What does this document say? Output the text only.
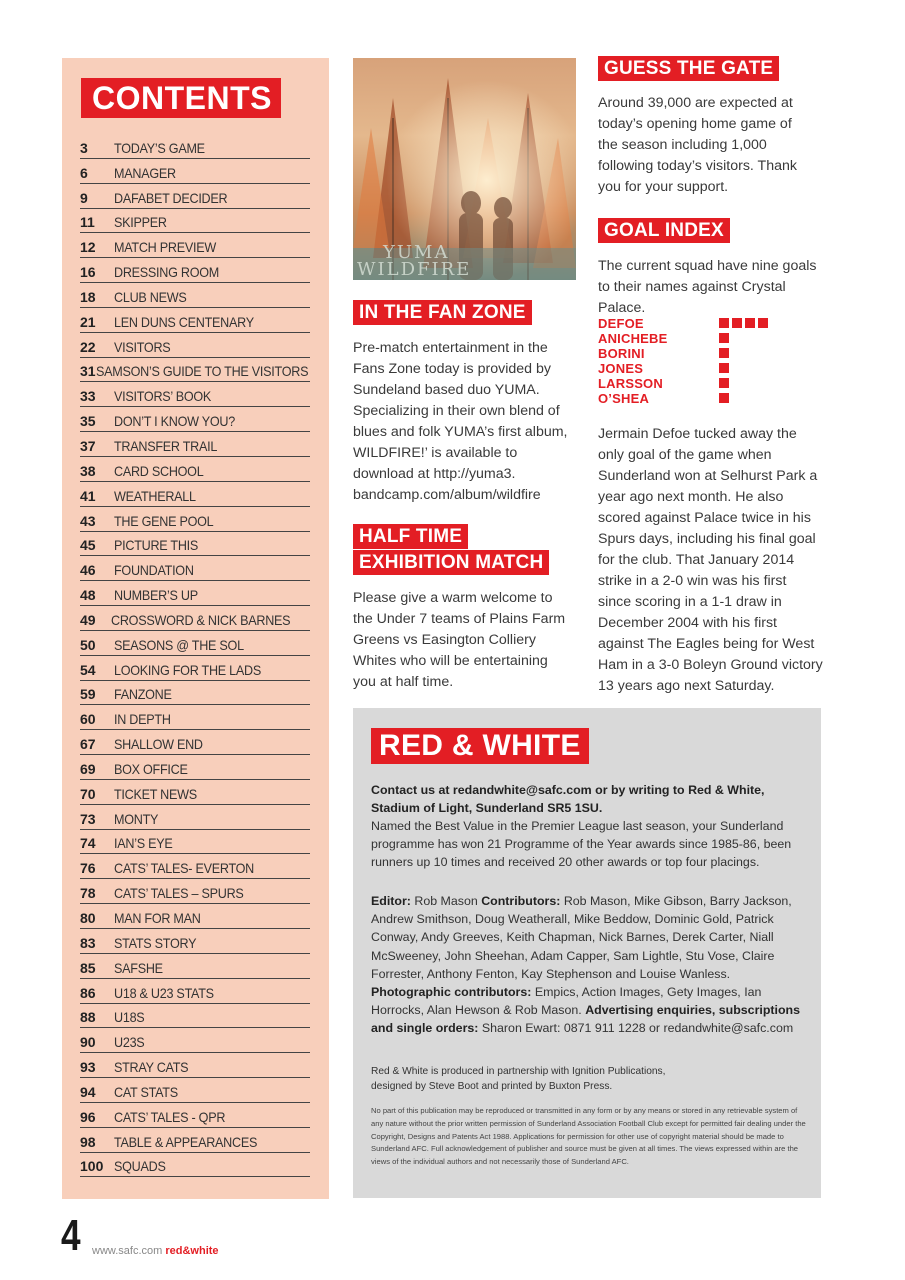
CONTENTS
3	TODAY’S GAME
6	MANAGER
9	DAFABET DECIDER
11	SKIPPER
12	MATCH PREVIEW
16	DRESSING ROOM
18	CLUB NEWS
21	LEN DUNS CENTENARY
22	VISITORS
31 SAMSON’S GUIDE TO THE VISITORS
33	VISITORS’ BOOK
35	DON’T I KNOW YOU?
37	TRANSFER TRAIL
38	CARD SCHOOL
41	WEATHERALL
43	THE GENE POOL
45	PICTURE THIS
46	FOUNDATION
48	NUMBER’S UP
49	CROSSWORD & NICK BARNES
50	SEASONS @ THE SOL
54	LOOKING FOR THE LADS
59	FANZONE
60	IN DEPTH
67	SHALLOW END
69	BOX OFFICE
70	TICKET NEWS
73	MONTY
74	IAN’S EYE
76	CATS’ TALES- EVERTON
78	CATS’ TALES – SPURS
80	MAN FOR MAN
83	STATS STORY
85	SAFSHE
86	U18 & U23 STATS
88	U18S
90	U23S
93	STRAY CATS
94	CAT STATS
96	CATS’ TALES - QPR
98	TABLE & APPEARANCES
100 SQUADS
YUMA
WILDFIRE
IN THE FAN ZONE

Pre-match entertainment in the Fans Zone today is provided by Sundeland based duo YUMA. Specializing in their own blend of blues and folk YUMA’s first album, WILDFIRE!’ is available to download at http://yuma3. bandcamp.com/album/wildfire

HALF TIME
EXHIBITION MATCH

Please give a warm welcome to the Under 7 teams of Plains Farm Greens vs Easington Colliery Whites who will be entertaining you at half time.

GUESS THE GATE

Around 39,000 are expected at today’s opening home game of the season including 1,000 following today’s visitors. Thank you for your support.

GOAL INDEX

The current squad have nine goals to their names against Crystal Palace.

DEFOE
ANICHEBE
BORINI
JONES
LARSSON
O’SHEA

Jermain Defoe tucked away the only goal of the game when Sunderland won at Selhurst Park a year ago next month. He also scored against Palace twice in his Spurs days, including his final goal for the club. That January 2014 strike in a 2-0 win was his first since scoring in a 1-1 draw in December 2004 with his first against The Eagles being for West Ham in a 3-0 Boleyn Ground victory 13 years ago next Saturday.

RED & WHITE

Contact us at redandwhite@safc.com or by writing to Red & White, Stadium of Light, Sunderland SR5 1SU.
Named the Best Value in the Premier League last season, your Sunderland programme has won 21 Programme of the Year awards since 1985-86, been runners up 10 times and received 20 other awards or top four placings.

Editor: Rob Mason Contributors: Rob Mason, Mike Gibson, Barry Jackson, Andrew Smithson, Doug Weatherall, Mike Beddow, Dominic Gold, Patrick Conway, Andy Greeves, Keith Chapman, Nick Barnes, Derek Carter, Niall McSweeney, John Sheehan, Adam Capper, Sam Lightle, Stu Vose, Claire Forrester, Anthony Fenton, Kay Stephenson and Louise Wanless. Photographic contributors: Empics, Action Images, Gety Images, Ian Horrocks, Alan Hewson & Rob Mason. Advertising enquiries, subscriptions and single orders: Sharon Ewart: 0871 911 1228 or redandwhite@safc.com

Red & White is produced in partnership with Ignition Publications, designed by Steve Boot and printed by Buxton Press.

No part of this publication may be reproduced or transmitted in any form or by any means or stored in any retrievable system of any nature without the prior written permission of Sunderland Association Football Club except for permitted fair dealing under the Copyright, Designs and Patents Act 1988. Applications for permission for other use of copyright material should be made to Sunderland AFC. Full acknowledgement of publisher and source must be given at all times. The views expressed within are the views of the individual authors and not necessarily those of Sunderland AFC.

4 www.safc.com red&white
